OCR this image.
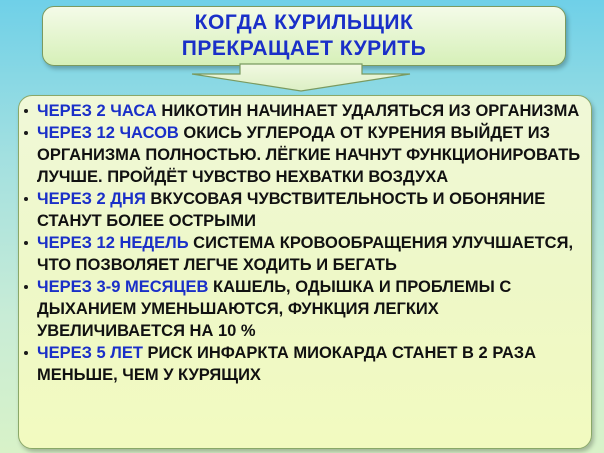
КОГДА КУРИЛЬЩИК
ПРЕКРАЩАЕТ КУРИТЬ
ЧЕРЕЗ 2 ЧАСА НИКОТИН НАЧИНАЕТ УДАЛЯТЬСЯ ИЗ ОРГАНИЗМА
ЧЕРЕЗ 12 ЧАСОВ ОКИСЬ УГЛЕРОДА ОТ КУРЕНИЯ ВЫЙДЕТ ИЗ ОРГАНИЗМА ПОЛНОСТЬЮ. ЛЁГКИЕ НАЧНУТ ФУНКЦИОНИРОВАТЬ ЛУЧШЕ. ПРОЙДЁТ ЧУВСТВО НЕХВАТКИ ВОЗДУХА
ЧЕРЕЗ 2 ДНЯ ВКУСОВАЯ ЧУВСТВИТЕЛЬНОСТЬ И ОБОНЯНИЕ СТАНУТ БОЛЕЕ ОСТРЫМИ
ЧЕРЕЗ 12 НЕДЕЛЬ СИСТЕМА КРОВООБРАЩЕНИЯ УЛУЧШАЕТСЯ, ЧТО ПОЗВОЛЯЕТ ЛЕГЧЕ ХОДИТЬ И БЕГАТЬ
ЧЕРЕЗ 3-9 МЕСЯЦЕВ КАШЕЛЬ, ОДЫШКА И ПРОБЛЕМЫ С ДЫХАНИЕМ УМЕНЬШАЮТСЯ, ФУНКЦИЯ ЛЕГКИХ УВЕЛИЧИВАЕТСЯ НА 10 %
ЧЕРЕЗ 5 ЛЕТ РИСК ИНФАРКТА МИОКАРДА СТАНЕТ В 2 РАЗА МЕНЬШЕ, ЧЕМ У КУРЯЩИХ
